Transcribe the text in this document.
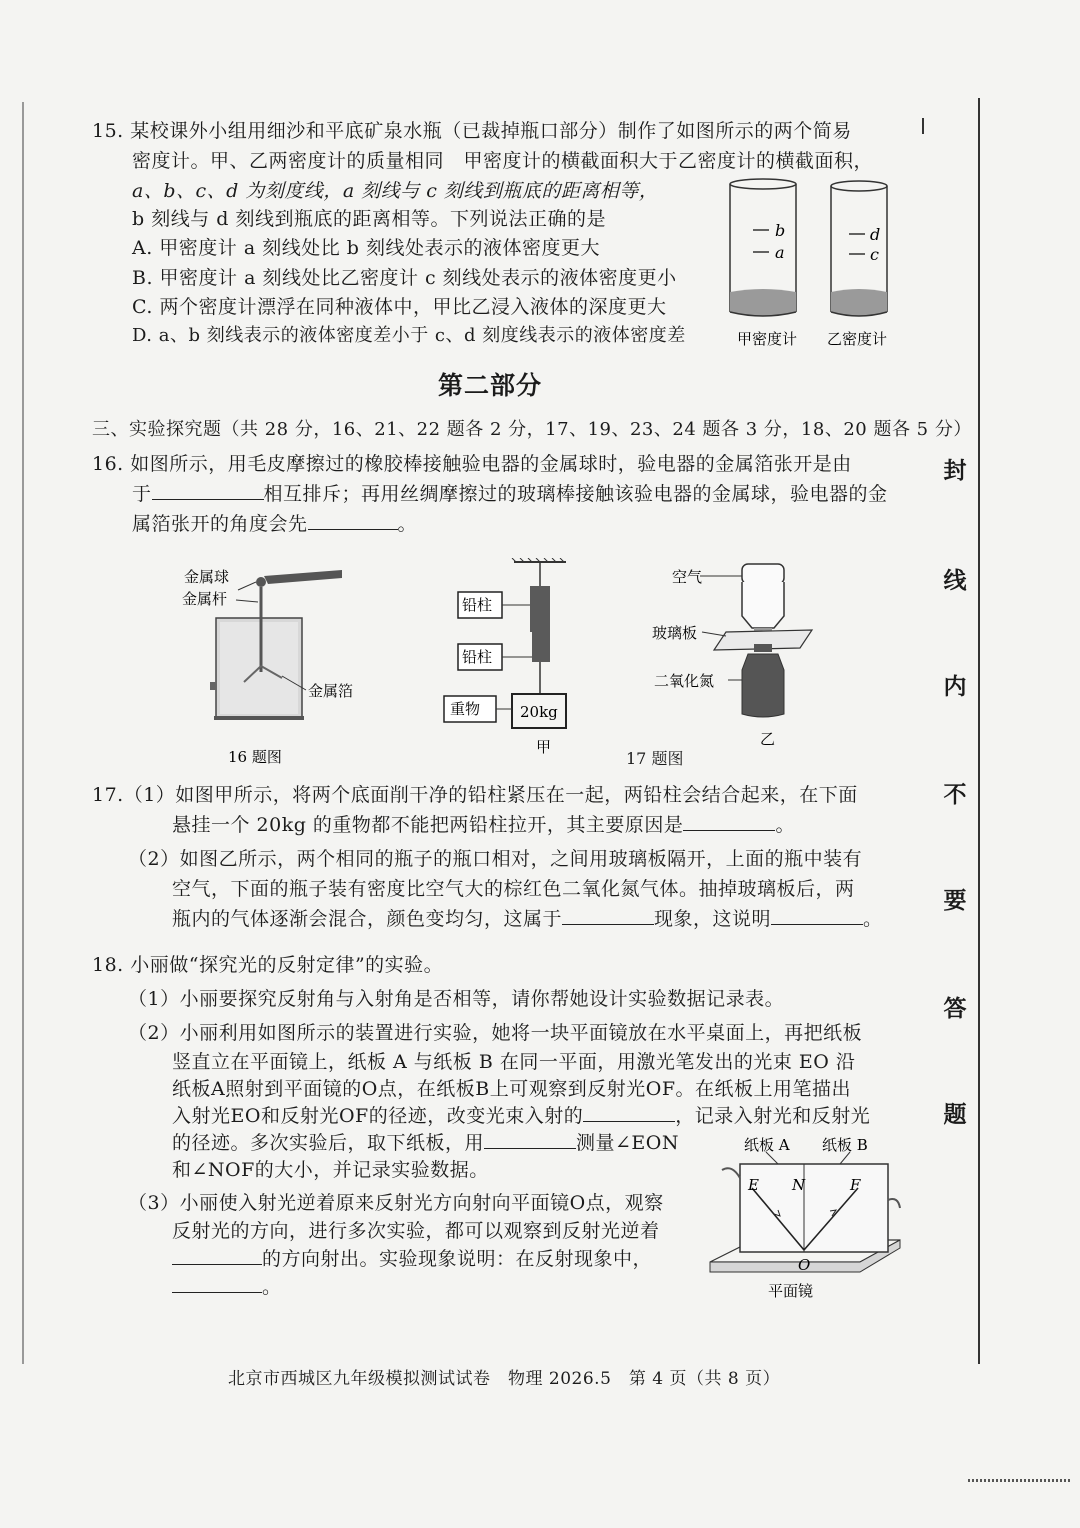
封
线
内
不
要
答
题
15. 某校课外小组用细沙和平底矿泉水瓶（已裁掉瓶口部分）制作了如图所示的两个简易
密度计。甲、乙两密度计的质量相同　甲密度计的横截面积大于乙密度计的横截面积，
a、b、c、d 为刻度线，a 刻线与 c 刻线到瓶底的距离相等，
b 刻线与 d 刻线到瓶底的距离相等。下列说法正确的是
A. 甲密度计 a 刻线处比 b 刻线处表示的液体密度更大
B. 甲密度计 a 刻线处比乙密度计 c 刻线处表示的液体密度更小
C. 两个密度计漂浮在同种液体中，甲比乙浸入液体的深度更大
D. a、b 刻线表示的液体密度差小于 c、d 刻度线表示的液体密度差
b
a
d
c
甲密度计 乙密度计
第二部分
三、实验探究题（共 28 分，16、21、22 题各 2 分，17、19、23、24 题各 3 分，18、20 题各 5 分）
16. 如图所示，用毛皮摩擦过的橡胶棒接触验电器的金属球时，验电器的金属箔张开是由
于	相互排斥；再用丝绸摩擦过的玻璃棒接触该验电器的金属球，验电器的金
属箔张开的角度会先	。
金属球
金属杆
金属箔
16 题图
铅柱
铅柱
重物	20kg
甲
空气
玻璃板
二氧化氮
乙
17 题图
17.（1）如图甲所示，将两个底面削干净的铅柱紧压在一起，两铅柱会结合起来，在下面
悬挂一个 20kg 的重物都不能把两铅柱拉开，其主要原因是	。
（2）如图乙所示，两个相同的瓶子的瓶口相对，之间用玻璃板隔开，上面的瓶中装有
空气，下面的瓶子装有密度比空气大的棕红色二氧化氮气体。抽掉玻璃板后，两
瓶内的气体逐渐会混合，颜色变均匀，这属于	现象，这说明	。
18. 小丽做“探究光的反射定律”的实验。
（1）小丽要探究反射角与入射角是否相等，请你帮她设计实验数据记录表。
（2）小丽利用如图所示的装置进行实验，她将一块平面镜放在水平桌面上，再把纸板
竖直立在平面镜上，纸板 A 与纸板 B 在同一平面，用激光笔发出的光束 EO 沿
纸板A照射到平面镜的O点，在纸板B上可观察到反射光OF。在纸板上用笔描出
入射光EO和反射光OF的径迹，改变光束入射的	，记录入射光和反射光
的径迹。多次实验后，取下纸板，用	测量∠EON
和∠NOF的大小，并记录实验数据。
（3）小丽使入射光逆着原来反射光方向射向平面镜O点，观察
反射光的方向，进行多次实验，都可以观察到反射光逆着
的方向射出。实验现象说明：在反射现象中，
。
纸板 A 纸板 B
E N	F
O
平面镜
北京市西城区九年级模拟测试试卷　物理 2026.5　第 4 页（共 8 页）
